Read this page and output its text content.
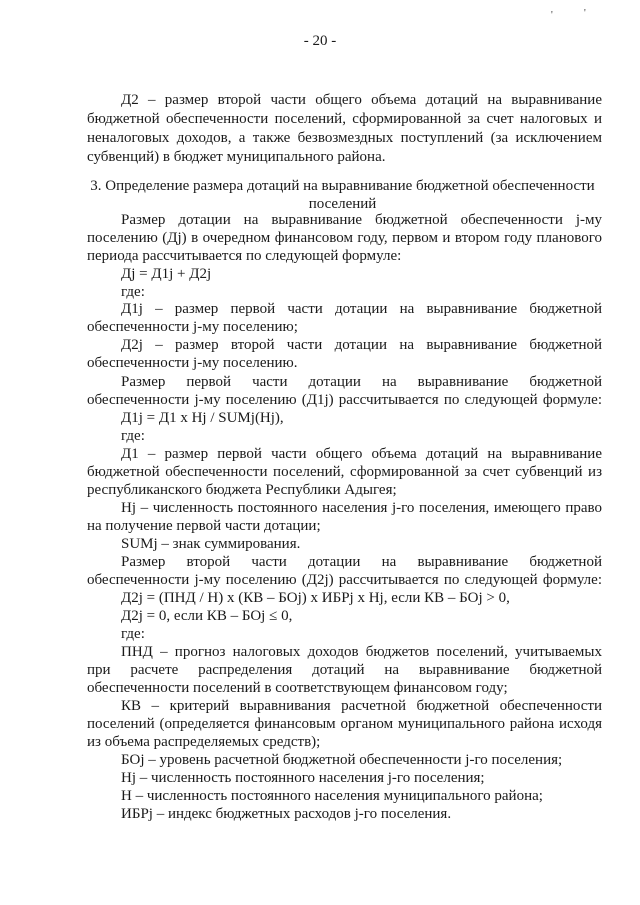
'	'
- 20 -
Д2 – размер второй части общего объема дотаций на выравнивание
бюджетной обеспеченности поселений, сформированной за счет налоговых и
неналоговых доходов, а также безвозмездных поступлений (за исключением
субвенций) в бюджет муниципального района.
3. Определение размера дотаций на выравнивание бюджетной обеспеченности
поселений
Размер дотации на выравнивание бюджетной обеспеченности j-му
поселению (Дj) в очередном финансовом году, первом и втором году планового
периода рассчитывается по следующей формуле:
Дj = Д1j + Д2j
где:
Д1j – размер первой части дотации на выравнивание бюджетной
обеспеченности j-му поселению;
Д2j – размер второй части дотации на выравнивание бюджетной
обеспеченности j-му поселению.
Размер первой части дотации на выравнивание бюджетной
обеспеченности j-му поселению (Д1j) рассчитывается по следующей формуле:
Д1j = Д1 x Hj / SUMj(Hj),
где:
Д1 – размер первой части общего объема дотаций на выравнивание
бюджетной обеспеченности поселений, сформированной за счет субвенций из
республиканского бюджета Республики Адыгея;
Hj – численность постоянного населения j-го поселения, имеющего право
на получение первой части дотации;
SUMj – знак суммирования.
Размер второй части дотации на выравнивание бюджетной
обеспеченности j-му поселению (Д2j) рассчитывается по следующей формуле:
Д2j = (ПНД / Н) х (КВ – БОj) х ИБРj х Нj, если КВ – БОj > 0,
Д2j = 0, если КВ – БОj ≤ 0,
где:
ПНД – прогноз налоговых доходов бюджетов поселений, учитываемых
при расчете распределения дотаций на выравнивание бюджетной
обеспеченности поселений в соответствующем финансовом году;
КВ – критерий выравнивания расчетной бюджетной обеспеченности
поселений (определяется финансовым органом муниципального района исходя
из объема распределяемых средств);
БОj – уровень расчетной бюджетной обеспеченности j-го поселения;
Hj – численность постоянного населения j-го поселения;
Н – численность постоянного населения муниципального района;
ИБРj – индекс бюджетных расходов j-го поселения.
